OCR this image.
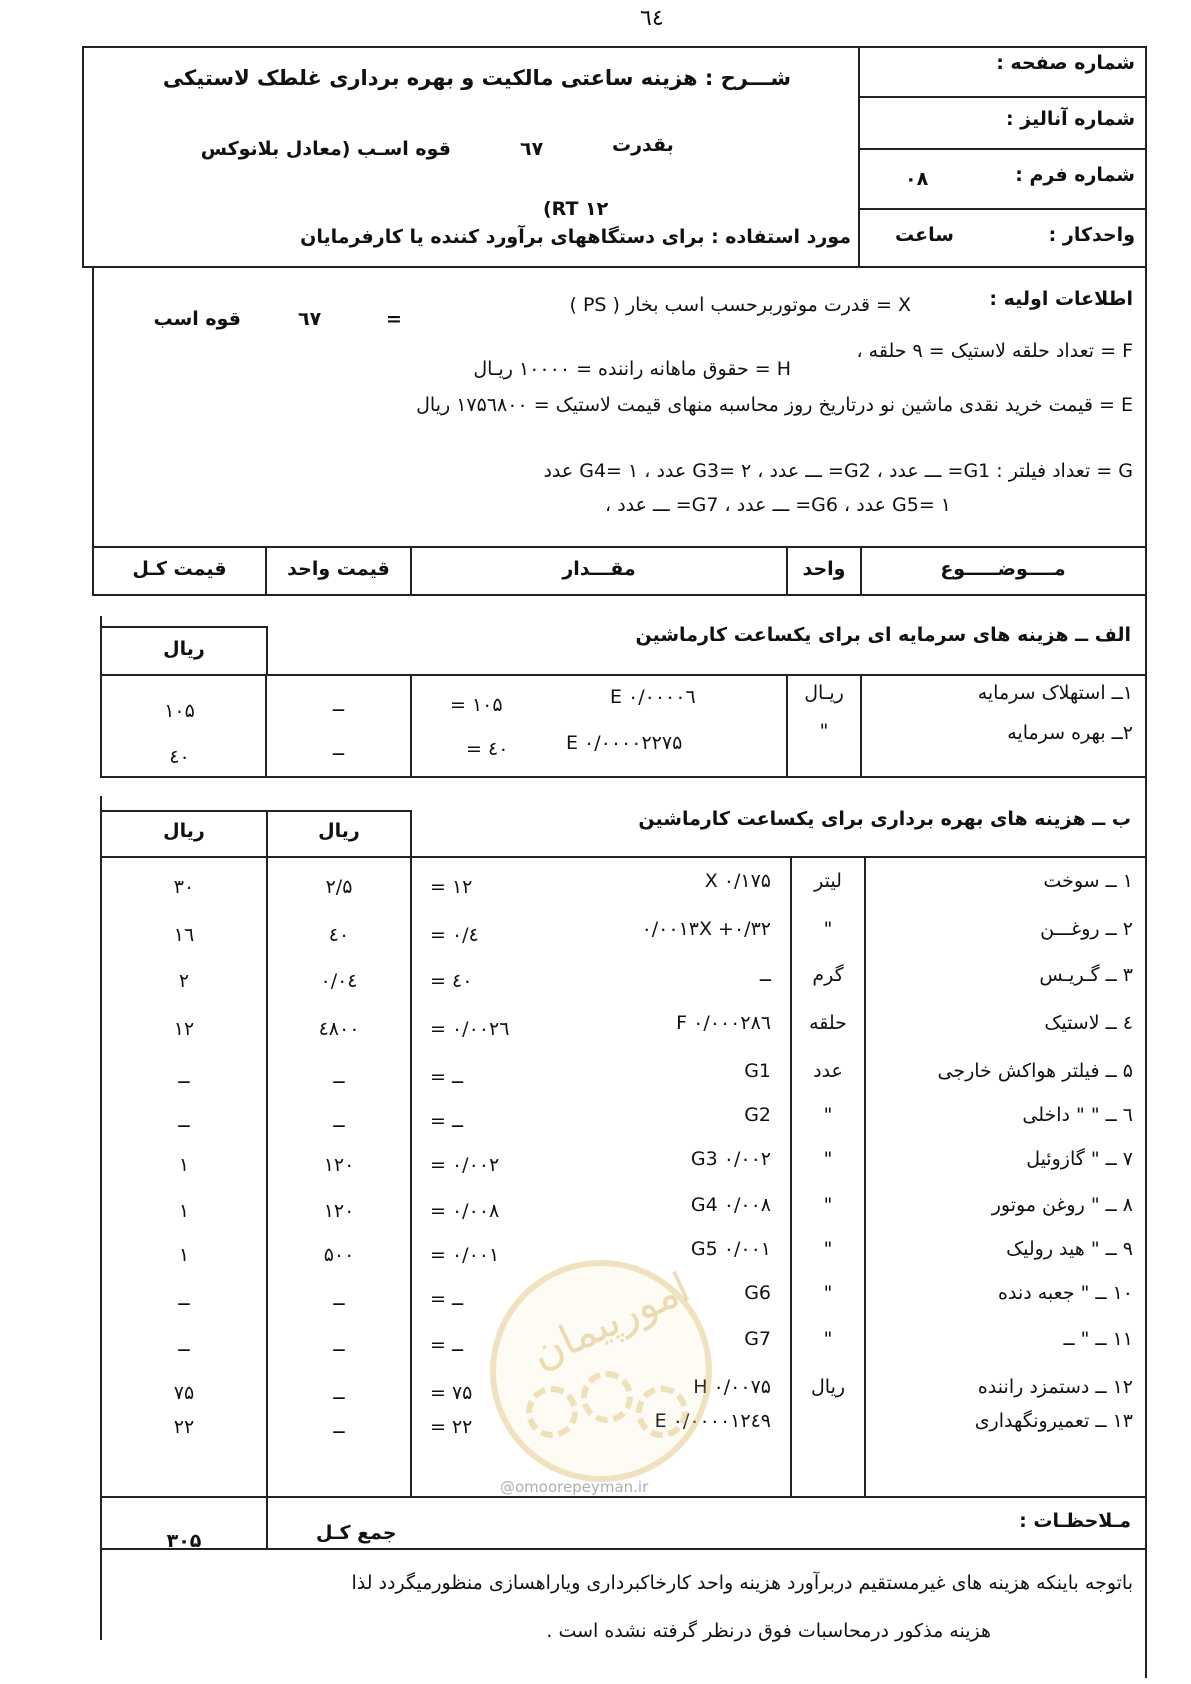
٦٤
شماره صفحه :
شماره آنالیز :
شماره فرم :
۰۸
واحدکار :
ساعت
شـــرح : هزینه ساعتی مالکیت و بهره برداری غلطک لاستیکی
بقدرت
٦٧
قوه اسـب (معادل بلانوکس
(RT ۱۲
مورد استفاده : برای دستگاههای برآورد کننده یا کارفرمایان
اطلاعات اولیه :
X = قدرت موتوربرحسب اسب بخار ( PS )
=
٦٧
قوه اسب
F = تعداد حلقه لاستیک = ۹ حلقه ،
H = حقوق ماهانه راننده = ۱۰۰۰۰ ریـال
E = قیمت خرید نقدی ماشین نو درتاریخ روز محاسبه منهای قیمت لاستیک = ۱۷۵٦۸۰۰ ریال
G = تعداد فیلتر : G1= ـــ عدد ، G2= ـــ عدد ، G3= ۲ عدد ، G4= ۱ عدد
G5= ۱ عدد ، G6= ـــ عدد ، G7= ـــ عدد ،
مــــوضـــــوع
واحد
مقـــدار
قیمت واحد
قیمت کـل
الف ــ هزینه های سرمایه ای برای یکساعت کارماشین
ریال
۱ــ استهلاک سرمایه
ریـال
E ۰/۰۰۰۰٦
= ۱۰۵
ــ
۱۰۵
۲ــ بهره سرمایه
"
E ۰/۰۰۰۰۲۲۷۵
= ٤۰
ــ
٤۰
ب ــ هزینه های بهره برداری برای یکساعت کارماشین
ریال
ریال
۱ ــ سوخت
لیتر
X ۰/۱۷۵
= ۱۲
۲/۵
۳۰
۲ ــ روغـــن
"
۰/۰۰۱۳X +۰/۳۲
= ۰/٤
٤۰
۱٦
۳ ــ گـریـس
گرم
ــ
= ٤۰
۰/۰٤
۲
٤ ــ لاستیک
حلقه
F ۰/۰۰۰۲۸٦
= ۰/۰۰۲٦
٤۸۰۰
۱۲
۵ ــ فیلتر هواکش خارجی
عدد
G1
= ــ
ــ
ــ
٦ ــ " " داخلی
"
G2
= ــ
ــ
ــ
۷ ــ " گازوئیل
"
G3 ۰/۰۰۲
= ۰/۰۰۲
۱۲۰
۱
۸ ــ " روغن موتور
"
G4 ۰/۰۰۸
= ۰/۰۰۸
۱۲۰
۱
۹ ــ " هید رولیک
"
G5 ۰/۰۰۱
= ۰/۰۰۱
۵۰۰
۱
۱۰ ــ " جعبه دنده
"
G6
= ــ
ــ
ــ
۱۱ ــ " ــ
"
G7
= ــ
ــ
ــ
۱۲ ــ دستمزد راننده
ریال
H ۰/۰۰۷۵
= ۷۵
ــ
۷۵
۱۳ ــ تعمیرونگهداری
E ۰/۰۰۰۰۱۲٤۹
= ۲۲
ــ
۲۲
مـلاحظـات :
جمع کـل
۳۰۵
باتوجه باینکه هزینه های غیرمستقیم دربرآورد هزینه واحد کارخاکبرداری ویاراهسازی منظورمیگردد لذا
هزینه مذکور درمحاسبات فوق درنظر گرفته نشده است .
امورپیمان
@omoorepeyman.ir
